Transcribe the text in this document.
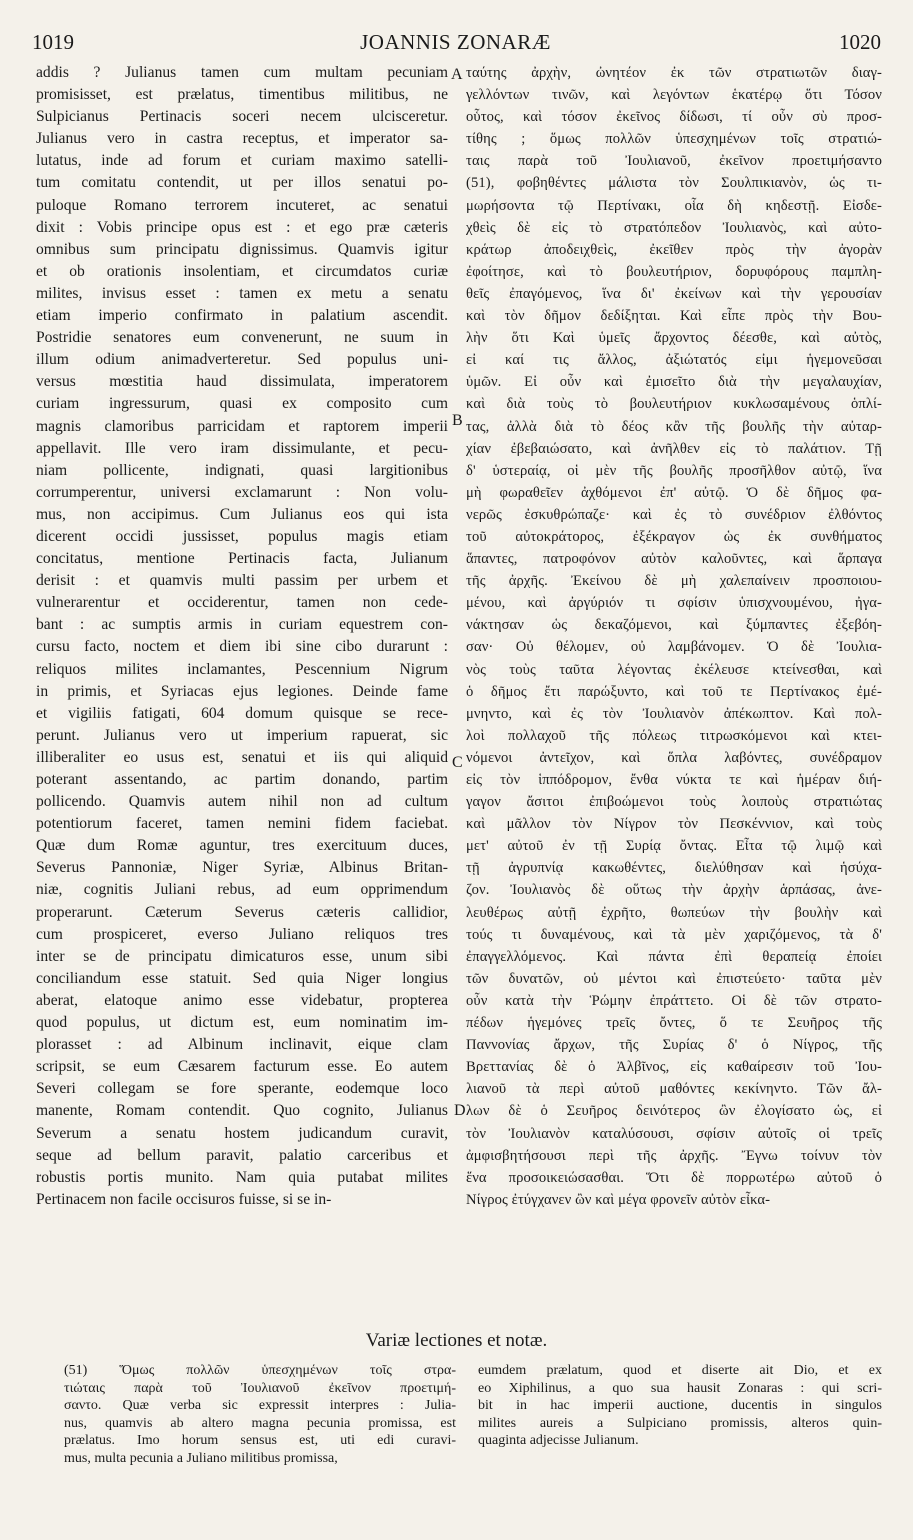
1019	JOANNIS ZONARÆ	1020
addis ? Julianus tamen cum multam pecuniam
promisisset, est prælatus, timentibus militibus, ne
Sulpicianus Pertinacis soceri necem ulcisceretur.
Julianus vero in castra receptus, et imperator sa-
lutatus, inde ad forum et curiam maximo satelli-
tum comitatu contendit, ut per illos senatui po-
puloque Romano terrorem incuteret, ac senatui
dixit : Vobis principe opus est : et ego præ cæteris
omnibus sum principatu dignissimus. Quamvis igitur
et ob orationis insolentiam, et circumdatos curiæ
milites, invisus esset : tamen ex metu a senatu
etiam imperio confirmato in palatium ascendit.
Postridie senatores eum convenerunt, ne suum in
illum odium animadverteretur. Sed populus uni-
versus mœstitia haud dissimulata, imperatorem
curiam ingressurum, quasi ex composito cum
magnis clamoribus parricidam et raptorem imperii
appellavit. Ille vero iram dissimulante, et pecu-
niam pollicente, indignati, quasi largitionibus
corrumperentur, universi exclamarunt : Non volu-
mus, non accipimus. Cum Julianus eos qui ista
dicerent occidi jussisset, populus magis etiam
concitatus, mentione Pertinacis facta, Julianum
derisit : et quamvis multi passim per urbem et
vulnerarentur et occiderentur, tamen non cede-
bant : ac sumptis armis in curiam equestrem con-
cursu facto, noctem et diem ibi sine cibo durarunt :
reliquos milites inclamantes, Pescennium Nigrum
in primis, et Syriacas ejus legiones. Deinde fame
et vigiliis fatigati, 604 domum quisque se rece-
perunt. Julianus vero ut imperium rapuerat, sic
illiberaliter eo usus est, senatui et iis qui aliquid
poterant assentando, ac partim donando, partim
pollicendo. Quamvis autem nihil non ad cultum
potentiorum faceret, tamen nemini fidem faciebat.
Quæ dum Romæ aguntur, tres exercituum duces,
Severus Pannoniæ, Niger Syriæ, Albinus Britan-
niæ, cognitis Juliani rebus, ad eum opprimendum
properarunt. Cæterum Severus cæteris callidior,
cum prospiceret, everso Juliano reliquos tres
inter se de principatu dimicaturos esse, unum sibi
conciliandum esse statuit. Sed quia Niger longius
aberat, elatoque animo esse videbatur, propterea
quod populus, ut dictum est, eum nominatim im-
plorasset : ad Albinum inclinavit, eique clam
scripsit, se eum Cæsarem facturum esse. Eo autem
Severi collegam se fore sperante, eodemque loco
manente, Romam contendit. Quo cognito, Julianus
Severum a senatu hostem judicandum curavit,
seque ad bellum paravit, palatio carceribus et
robustis portis munito. Nam quia putabat milites
Pertinacem non facile occisuros fuisse, si se in-
ταύτης ἀρχὴν, ὠνητέον ἐκ τῶν στρατιωτῶν διαγ-
γελλόντων τινῶν, καὶ λεγόντων ἑκατέρῳ ὅτι Τόσον
οὗτος, καὶ τόσον ἐκεῖνος δίδωσι, τί οὖν σὺ προσ-
τίθης ; ὅμως πολλῶν ὑπεσχημένων τοῖς στρατιώ-
ταις παρὰ τοῦ Ἰουλιανοῦ, ἐκεῖνον προετιμήσαντο
(51), φοβηθέντες μάλιστα τὸν Σουλπικιανὸν, ὡς τι-
μωρήσοντα τῷ Περτίνακι, οἷα δὴ κηδεστῇ. Εἰσδε-
χθεὶς δὲ εἰς τὸ στρατόπεδον Ἰουλιανὸς, καὶ αὐτο-
κράτωρ ἀποδειχθεὶς, ἐκεῖθεν πρὸς τὴν ἀγορὰν
ἐφοίτησε, καὶ τὸ βουλευτήριον, δορυφόρους παμπλη-
θεῖς ἐπαγόμενος, ἵνα δι' ἐκείνων καὶ τὴν γερουσίαν
καὶ τὸν δῆμον δεδίξηται. Καὶ εἶπε πρὸς τὴν Βου-
λὴν ὅτι Καὶ ὑμεῖς ἄρχοντος δέεσθε, καὶ αὐτὸς,
εἰ καί τις ἄλλος, ἀξιώτατός εἰμι ἡγεμονεῦσαι
ὑμῶν. Εἰ οὖν καὶ ἐμισεῖτο διὰ τὴν μεγαλαυχίαν,
καὶ διὰ τοὺς τὸ βουλευτήριον κυκλωσαμένους ὁπλί-
τας, ἀλλὰ διὰ τὸ δέος κἂν τῆς βουλῆς τὴν αὐταρ-
χίαν ἐβεβαιώσατο, καὶ ἀνῆλθεν εἰς τὸ παλάτιον. Τῇ
δ' ὑστεραίᾳ, οἱ μὲν τῆς βουλῆς προσῆλθον αὐτῷ, ἵνα
μὴ φωραθεῖεν ἀχθόμενοι ἐπ' αὐτῷ. Ὁ δὲ δῆμος φα-
νερῶς ἐσκυθρώπαζε· καὶ ἐς τὸ συνέδριον ἐλθόντος
τοῦ αὐτοκράτορος, ἐξέκραγον ὡς ἐκ συνθήματος
ἅπαντες, πατροφόνον αὐτὸν καλοῦντες, καὶ ἅρπαγα
τῆς ἀρχῆς. Ἐκείνου δὲ μὴ χαλεπαίνειν προσποιου-
μένου, καὶ ἀργύριόν τι σφίσιν ὑπισχνουμένου, ἠγα-
νάκτησαν ὡς δεκαζόμενοι, καὶ ξύμπαντες ἐξεβόη-
σαν· Οὐ θέλομεν, οὐ λαμβάνομεν. Ὁ δὲ Ἰουλια-
νὸς τοὺς ταῦτα λέγοντας ἐκέλευσε κτείνεσθαι, καὶ
ὁ δῆμος ἔτι παρώξυντο, καὶ τοῦ τε Περτίνακος ἐμέ-
μνηντο, καὶ ἐς τὸν Ἰουλιανὸν ἀπέκωπτον. Καὶ πολ-
λοὶ πολλαχοῦ τῆς πόλεως τιτρωσκόμενοι καὶ κτει-
νόμενοι ἀντεῖχον, καὶ ὅπλα λαβόντες, συνέδραμον
εἰς τὸν ἱππόδρομον, ἔνθα νύκτα τε καὶ ἡμέραν διή-
γαγον ἄσιτοι ἐπιβοώμενοι τοὺς λοιποὺς στρατιώτας
καὶ μᾶλλον τὸν Νίγρον τὸν Πεσκέννιον, καὶ τοὺς
μετ' αὐτοῦ ἐν τῇ Συρίᾳ ὄντας. Εἶτα τῷ λιμῷ καὶ
τῇ ἀγρυπνίᾳ κακωθέντες, διελύθησαν καὶ ἡσύχα-
ζον. Ἰουλιανὸς δὲ οὕτως τὴν ἀρχὴν ἁρπάσας, ἀνε-
λευθέρως αὐτῇ ἐχρῆτο, θωπεύων τὴν βουλὴν καὶ
τούς τι δυναμένους, καὶ τὰ μὲν χαριζόμενος, τὰ δ'
ἐπαγγελλόμενος. Καὶ πάντα ἐπὶ θεραπείᾳ ἐποίει
τῶν δυνατῶν, οὐ μέντοι καὶ ἐπιστεύετο· ταῦτα μὲν
οὖν κατὰ τὴν Ῥώμην ἐπράττετο. Οἱ δὲ τῶν στρατο-
πέδων ἡγεμόνες τρεῖς ὄντες, ὅ τε Σευῆρος τῆς
Παννονίας ἄρχων, τῆς Συρίας δ' ὁ Νίγρος, τῆς
Βρεττανίας δὲ ὁ Ἀλβῖνος, εἰς καθαίρεσιν τοῦ Ἰου-
λιανοῦ τὰ περὶ αὐτοῦ μαθόντες κεκίνηντο. Τῶν ἄλ-
λων δὲ ὁ Σευῆρος δεινότερος ὢν ἐλογίσατο ὡς, εἰ
τὸν Ἰουλιανὸν καταλύσουσι, σφίσιν αὐτοῖς οἱ τρεῖς
ἀμφισβητήσουσι περὶ τῆς ἀρχῆς. Ἔγνω τοίνυν τὸν
ἕνα προσοικειώσασθαι. Ὅτι δὲ πορρωτέρω αὐτοῦ ὁ
Νίγρος ἐτύγχανεν ὢν καὶ μέγα φρονεῖν αὐτὸν εἶκα-
A
B
C
D
Variæ lectiones et notæ.
(51) Ὅμως πολλῶν ὑπεσχημένων τοῖς στρα-
τιώταις παρὰ τοῦ Ἰουλιανοῦ ἐκεῖνον προετιμή-
σαντο. Quæ verba sic expressit interpres : Julia-
nus, quamvis ab altero magna pecunia promissa, est
prælatus. Imo horum sensus est, uti edi curavi-
mus, multa pecunia a Juliano militibus promissa,
eumdem prælatum, quod et diserte ait Dio, et ex
eo Xiphilinus, a quo sua hausit Zonaras : qui scri-
bit in hac imperii auctione, ducentis in singulos
milites aureis a Sulpiciano promissis, alteros quin-
quaginta adjecisse Julianum.
